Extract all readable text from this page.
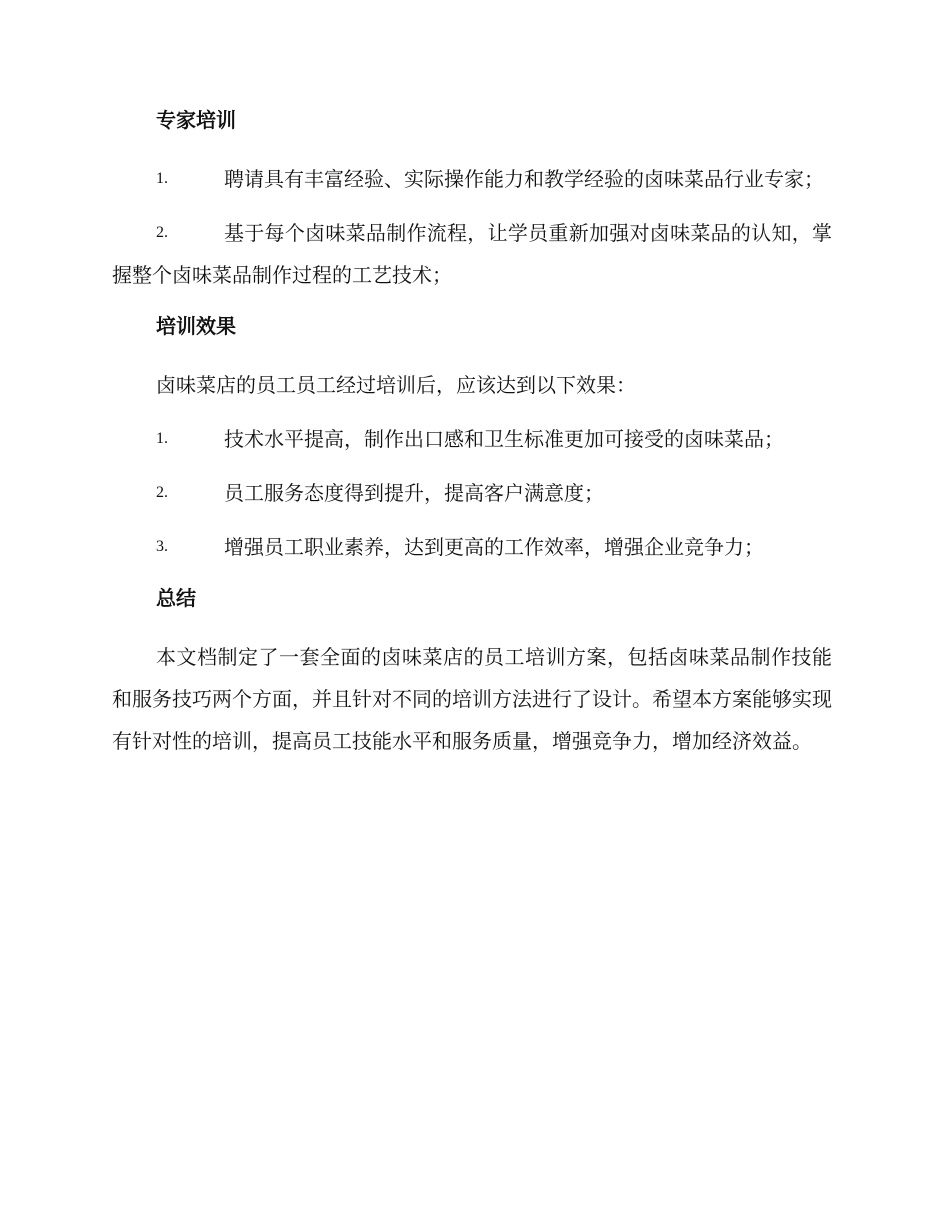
专家培训
1.	聘请具有丰富经验、实际操作能力和教学经验的卤味菜品行业专家；
2.	基于每个卤味菜品制作流程，让学员重新加强对卤味菜品的认知，掌握整个卤味菜品制作过程的工艺技术；
培训效果
卤味菜店的员工员工经过培训后，应该达到以下效果：
1.	技术水平提高，制作出口感和卫生标准更加可接受的卤味菜品；
2.	员工服务态度得到提升，提高客户满意度；
3.	增强员工职业素养，达到更高的工作效率，增强企业竞争力；
总结
本文档制定了一套全面的卤味菜店的员工培训方案，包括卤味菜品制作技能和服务技巧两个方面，并且针对不同的培训方法进行了设计。希望本方案能够实现有针对性的培训，提高员工技能水平和服务质量，增强竞争力，增加经济效益。
